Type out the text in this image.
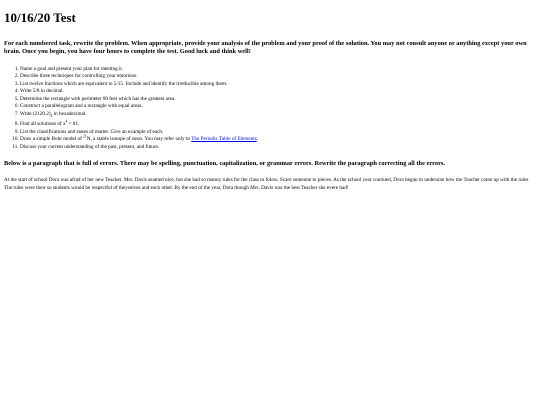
10/16/20 Test

For each numbered task, rewrite the problem. When appropriate, provide your analysis of the problem and your proof of the solution. You may not consult anyone or anything except your own brain. Once you begin, you have four hours to complete the test. Good luck and think well!

1. Name a goal and present your plan for meeting it.
2. Describe three techniques for controlling your emotions.
3. List twelve fractions which are equivalent to 5/15. Include and identify the irreducible among them.
4. Write 5/8 in decimal.
5. Determine the rectangle with perimeter 80 feet which has the greatest area.
6. Construct a parallelogram and a rectangle with equal areas.
7. Write $(2120.2)_4$ in hexadecimal.
8. Find all solutions of $x^4 = 81$.
9. List the classifications and states of matter. Give an example of each.
10. Draw a simple Bohr model of $^{21}$N, a stable isotope of neon. You may refer only to The Periodic Table of Elements.
11. Discuss your current understanding of the past, present, and future.

Below is a paragraph that is full of errors. There may be spelling, punctuation, capitalization, or grammar errors. Rewrite the paragraph correcting all the errors.

At the start of school Dora was afrad of her new Teacher. Mrs. Davis seamed nice, but she had so manny rules for the class to folow. Scare someone to pieces. As the school year contiued, Dora begun to understan how the Teacher come up with the rules The rules were their so students would be respectful of theyselves and each other. By the end of the year, Dora though Mrs. Davis was the best Teacher she evere had!
